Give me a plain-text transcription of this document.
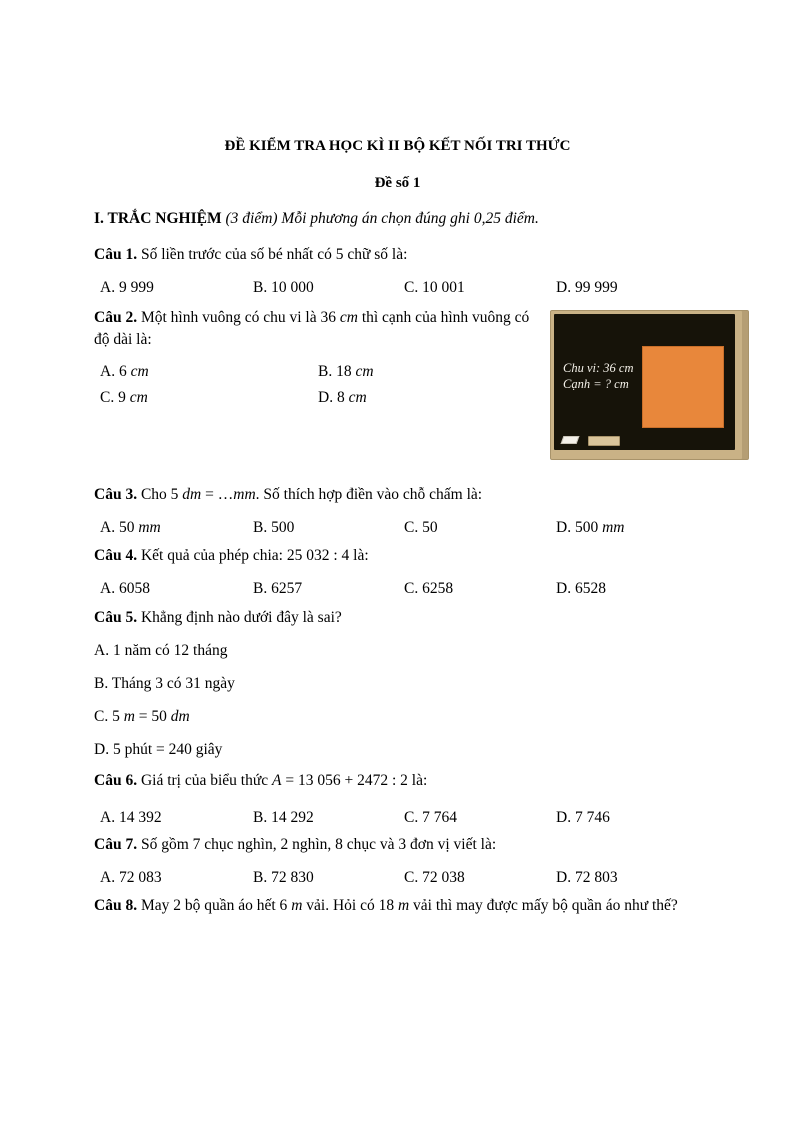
ĐỀ KIỂM TRA HỌC KÌ II BỘ KẾT NỐI TRI THỨC
Đề số 1
I. TRẮC NGHIỆM (3 điểm) Mỗi phương án chọn đúng ghi 0,25 điểm.
Câu 1. Số liền trước của số bé nhất có 5 chữ số là:
A. 9 999	B. 10 000	C. 10 001	D. 99 999
Câu 2. Một hình vuông có chu vi là 36 cm thì cạnh của hình vuông có độ dài là:
A. 6 cm	B. 18 cm
C. 9 cm	D. 8 cm
Câu 3. Cho 5 dm = …mm. Số thích hợp điền vào chỗ chấm là:
A. 50 mm	B. 500	C. 50	D. 500 mm
Câu 4. Kết quả của phép chia: 25 032 : 4 là:
A. 6058	B. 6257	C. 6258	D. 6528
Câu 5. Khẳng định nào dưới đây là sai?
A. 1 năm có 12 tháng
B. Tháng 3 có 31 ngày
C. 5 m = 50 dm
D. 5 phút = 240 giây
Câu 6. Giá trị của biểu thức A = 13 056 + 2472 : 2 là:
A. 14 392	B. 14 292	C. 7 764	D. 7 746
Câu 7. Số gồm 7 chục nghìn, 2 nghìn, 8 chục và 3 đơn vị viết là:
A. 72 083	B. 72 830	C. 72 038	D. 72 803
Câu 8. May 2 bộ quần áo hết 6 m vải. Hỏi có 18 m vải thì may được mấy bộ quần áo như thế?
Chu vi: 36 cm
Cạnh = ? cm
